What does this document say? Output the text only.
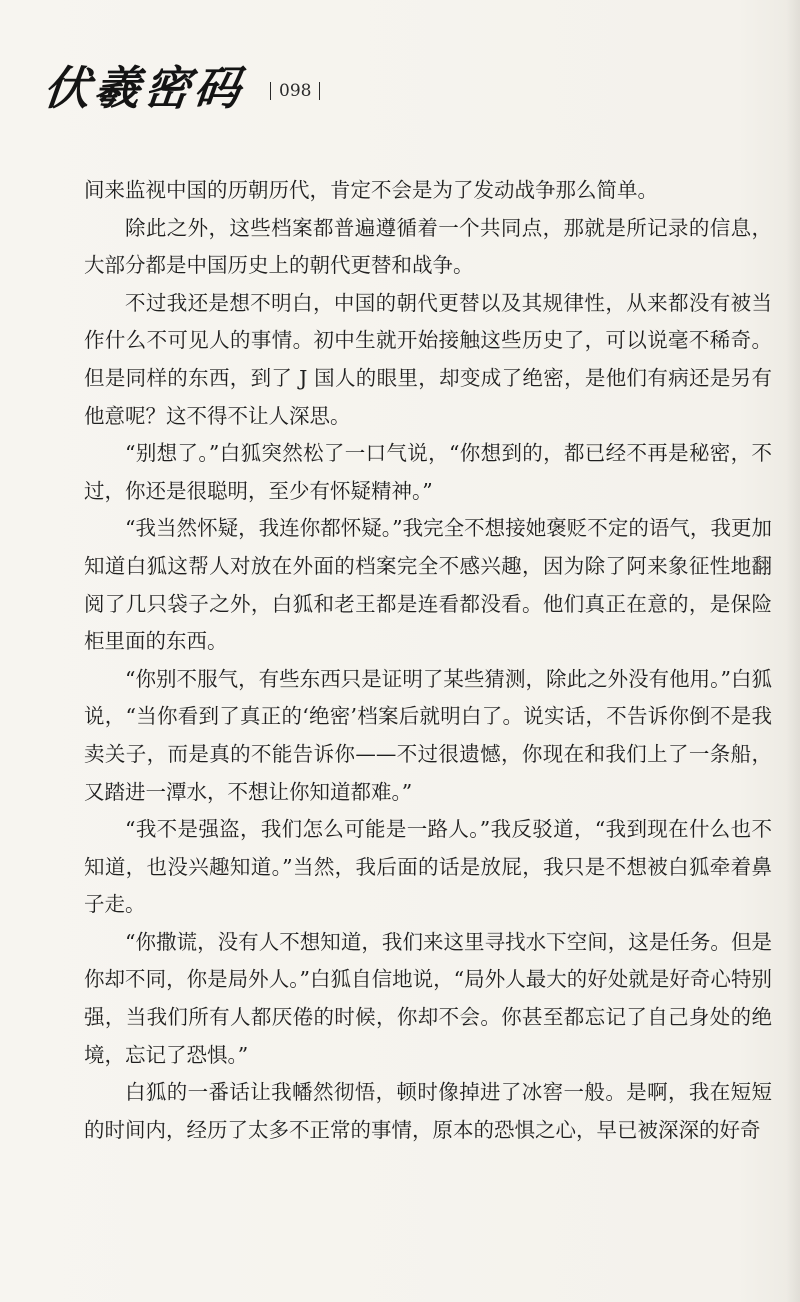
伏羲密码 098

间来监视中国的历朝历代，肯定不会是为了发动战争那么简单。

除此之外，这些档案都普遍遵循着一个共同点，那就是所记录的信息，大部分都是中国历史上的朝代更替和战争。

不过我还是想不明白，中国的朝代更替以及其规律性，从来都没有被当作什么不可见人的事情。初中生就开始接触这些历史了，可以说毫不稀奇。但是同样的东西，到了 J 国人的眼里，却变成了绝密，是他们有病还是另有他意呢？这不得不让人深思。

“别想了。”白狐突然松了一口气说，“你想到的，都已经不再是秘密，不过，你还是很聪明，至少有怀疑精神。”

“我当然怀疑，我连你都怀疑。”我完全不想接她褒贬不定的语气，我更加知道白狐这帮人对放在外面的档案完全不感兴趣，因为除了阿来象征性地翻阅了几只袋子之外，白狐和老王都是连看都没看。他们真正在意的，是保险柜里面的东西。

“你别不服气，有些东西只是证明了某些猜测，除此之外没有他用。”白狐说，“当你看到了真正的‘绝密’档案后就明白了。说实话，不告诉你倒不是我卖关子，而是真的不能告诉你——不过很遗憾，你现在和我们上了一条船，又踏进一潭水，不想让你知道都难。”

“我不是强盗，我们怎么可能是一路人。”我反驳道，“我到现在什么也不知道，也没兴趣知道。”当然，我后面的话是放屁，我只是不想被白狐牵着鼻子走。

“你撒谎，没有人不想知道，我们来这里寻找水下空间，这是任务。但是你却不同，你是局外人。”白狐自信地说，“局外人最大的好处就是好奇心特别强，当我们所有人都厌倦的时候，你却不会。你甚至都忘记了自己身处的绝境，忘记了恐惧。”

白狐的一番话让我幡然彻悟，顿时像掉进了冰窖一般。是啊，我在短短的时间内，经历了太多不正常的事情，原本的恐惧之心，早已被深深的好奇
